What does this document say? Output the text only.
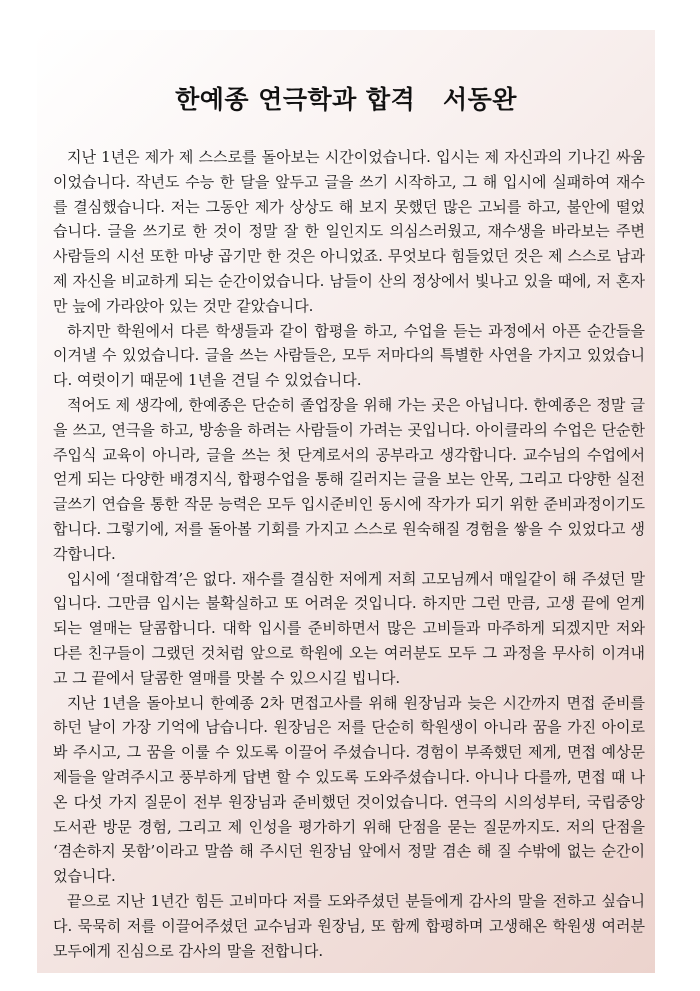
한예종 연극학과 합격   서동완

지난 1년은 제가 제 스스로를 돌아보는 시간이었습니다. 입시는 제 자신과의 기나긴 싸움이었습니다. 작년도 수능 한 달을 앞두고 글을 쓰기 시작하고, 그 해 입시에 실패하여 재수를 결심했습니다. 저는 그동안 제가 상상도 해 보지 못했던 많은 고뇌를 하고, 불안에 떨었습니다. 글을 쓰기로 한 것이 정말 잘 한 일인지도 의심스러웠고, 재수생을 바라보는 주변 사람들의 시선 또한 마냥 곱기만 한 것은 아니었죠. 무엇보다 힘들었던 것은 제 스스로 남과 제 자신을 비교하게 되는 순간이었습니다. 남들이 산의 정상에서 빛나고 있을 때에, 저 혼자만 늪에 가라앉아 있는 것만 같았습니다.

하지만 학원에서 다른 학생들과 같이 합평을 하고, 수업을 듣는 과정에서 아픈 순간들을 이겨낼 수 있었습니다. 글을 쓰는 사람들은, 모두 저마다의 특별한 사연을 가지고 있었습니다. 여럿이기 때문에 1년을 견딜 수 있었습니다.

적어도 제 생각에, 한예종은 단순히 졸업장을 위해 가는 곳은 아닙니다. 한예종은 정말 글을 쓰고, 연극을 하고, 방송을 하려는 사람들이 가려는 곳입니다. 아이클라의 수업은 단순한 주입식 교육이 아니라, 글을 쓰는 첫 단계로서의 공부라고 생각합니다. 교수님의 수업에서 얻게 되는 다양한 배경지식, 합평수업을 통해 길러지는 글을 보는 안목, 그리고 다양한 실전 글쓰기 연습을 통한 작문 능력은 모두 입시준비인 동시에 작가가 되기 위한 준비과정이기도 합니다. 그렇기에, 저를 돌아볼 기회를 가지고 스스로 원숙해질 경험을 쌓을 수 있었다고 생각합니다.

입시에 ‘절대합격’은 없다. 재수를 결심한 저에게 저희 고모님께서 매일같이 해 주셨던 말입니다. 그만큼 입시는 불확실하고 또 어려운 것입니다. 하지만 그런 만큼, 고생 끝에 얻게 되는 열매는 달콤합니다. 대학 입시를 준비하면서 많은 고비들과 마주하게 되겠지만 저와 다른 친구들이 그랬던 것처럼 앞으로 학원에 오는 여러분도 모두 그 과정을 무사히 이겨내고 그 끝에서 달콤한 열매를 맛볼 수 있으시길 빕니다.

지난 1년을 돌아보니 한예종 2차 면접고사를 위해 원장님과 늦은 시간까지 면접 준비를 하던 날이 가장 기억에 남습니다. 원장님은 저를 단순히 학원생이 아니라 꿈을 가진 아이로 봐 주시고, 그 꿈을 이룰 수 있도록 이끌어 주셨습니다. 경험이 부족했던 제게, 면접 예상문제들을 알려주시고 풍부하게 답변 할 수 있도록 도와주셨습니다. 아니나 다를까, 면접 때 나온 다섯 가지 질문이 전부 원장님과 준비했던 것이었습니다. 연극의 시의성부터, 국립중앙도서관 방문 경험, 그리고 제 인성을 평가하기 위해 단점을 묻는 질문까지도. 저의 단점을 ‘겸손하지 못함’이라고 말씀 해 주시던 원장님 앞에서 정말 겸손 해 질 수밖에 없는 순간이었습니다.

끝으로 지난 1년간 힘든 고비마다 저를 도와주셨던 분들에게 감사의 말을 전하고 싶습니다. 묵묵히 저를 이끌어주셨던 교수님과 원장님, 또 함께 합평하며 고생해온 학원생 여러분 모두에게 진심으로 감사의 말을 전합니다.
